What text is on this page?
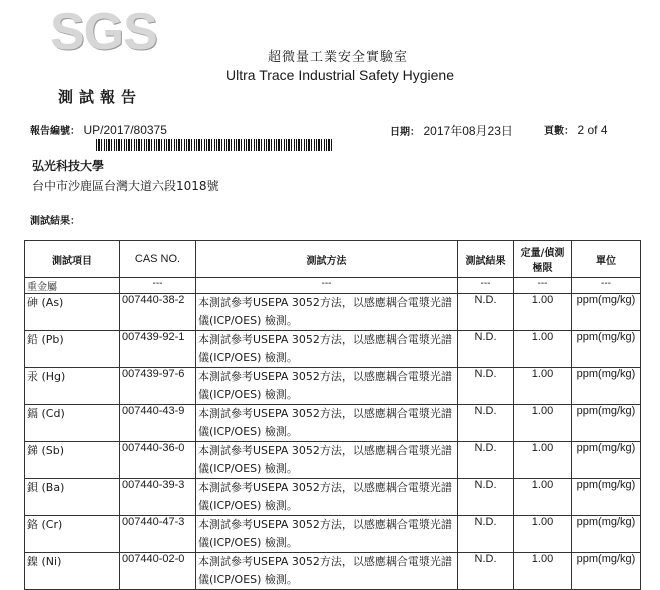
SGS	超微量工業安全實驗室
Ultra Trace Industrial Safety Hygiene
測試報告
報告編號： UP/2017/80375	日期： 2017年08月23日	頁數： 2 of 4
弘光科技大學
台中市沙鹿區台灣大道六段1018號
測試結果：
測試項目	CAS NO.	測試方法	測試結果	定量/偵測極限	單位
重金屬	---	---	---	---	---
砷 (As)	007440-38-2	本測試參考USEPA 3052方法，以感應耦合電漿光譜儀(ICP/OES) 檢測。	N.D.	1.00	ppm(mg/kg)
鉛 (Pb)	007439-92-1	本測試參考USEPA 3052方法，以感應耦合電漿光譜儀(ICP/OES) 檢測。	N.D.	1.00	ppm(mg/kg)
汞 (Hg)	007439-97-6	本測試參考USEPA 3052方法，以感應耦合電漿光譜儀(ICP/OES) 檢測。	N.D.	1.00	ppm(mg/kg)
鎘 (Cd)	007440-43-9	本測試參考USEPA 3052方法，以感應耦合電漿光譜儀(ICP/OES) 檢測。	N.D.	1.00	ppm(mg/kg)
銻 (Sb)	007440-36-0	本測試參考USEPA 3052方法，以感應耦合電漿光譜儀(ICP/OES) 檢測。	N.D.	1.00	ppm(mg/kg)
鋇 (Ba)	007440-39-3	本測試參考USEPA 3052方法，以感應耦合電漿光譜儀(ICP/OES) 檢測。	N.D.	1.00	ppm(mg/kg)
鉻 (Cr)	007440-47-3	本測試參考USEPA 3052方法，以感應耦合電漿光譜儀(ICP/OES) 檢測。	N.D.	1.00	ppm(mg/kg)
鎳 (Ni)	007440-02-0	本測試參考USEPA 3052方法，以感應耦合電漿光譜儀(ICP/OES) 檢測。	N.D.	1.00	ppm(mg/kg)
